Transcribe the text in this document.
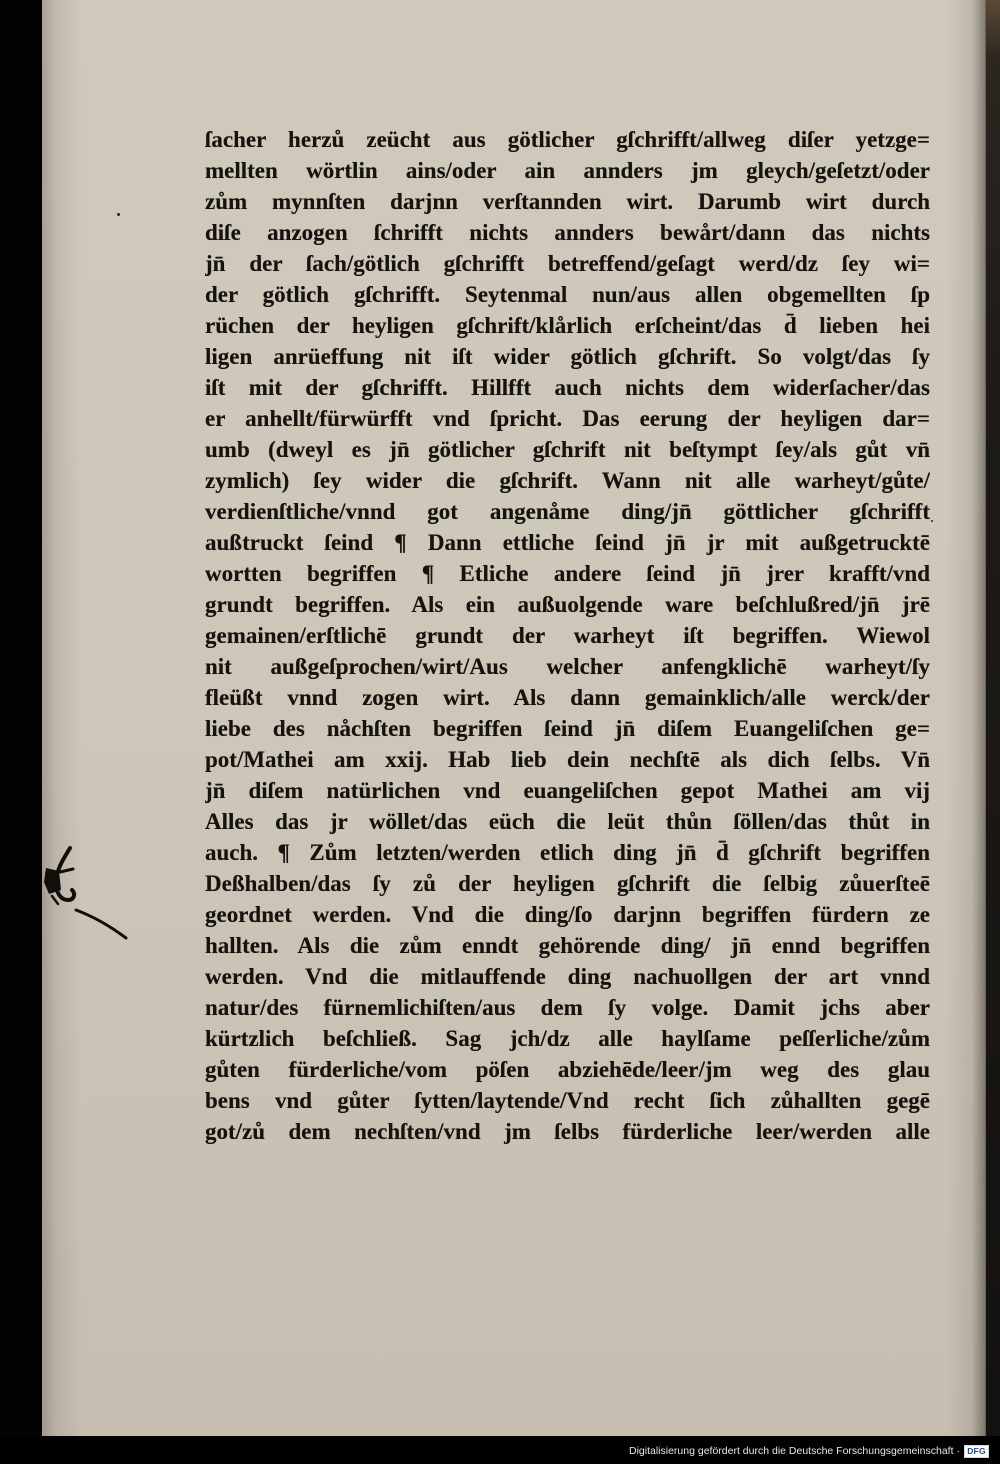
ſacher herzů zeücht aus götlicher gſchrifft/allweg diſer yetzge=
mellten wörtlin ains/oder ain annders jm gleych/geſetzt/oder
zům mynnſten darjnn verſtannden wirt. Darumb wirt durch
diſe anzogen ſchrifft nichts annders bewårt/dann das nichts
jn̄ der ſach/götlich gſchrifft betreffend/geſagt werd/dz ſey wi=
der götlich gſchrifft. Seytenmal nun/aus allen obgemellten ſp
rüchen der heyligen gſchrift/klårlich erſcheint/das d̄ lieben hei
ligen anrüeffung nit iſt wider götlich gſchrift. So volgt/das ſy
iſt mit der gſchrifft. Hillfft auch nichts dem widerſacher/das
er anhellt/fürwürfft vnd ſpricht. Das eerung der heyligen dar=
umb (dweyl es jn̄ götlicher gſchrift nit beſtympt ſey/als gůt vn̄
zymlich) ſey wider die gſchrift. Wann nit alle warheyt/gůte/
verdienſtliche/vnnd got angenåme ding/jn̄ göttlicher gſchrifft
außtruckt ſeind ¶ Dann ettliche ſeind jn̄ jr mit außgetrucktē
wortten begriffen ¶ Etliche andere ſeind jn̄ jrer krafft/vnd
grundt begriffen. Als ein außuolgende ware beſchlußred/jn̄ jrē
gemainen/erſtlichē grundt der warheyt iſt begriffen. Wiewol
nit außgeſprochen/wirt/Aus welcher anfengklichē warheyt/ſy
fleüßt vnnd zogen wirt. Als dann gemainklich/alle werck/der
liebe des nåchſten begriffen ſeind jn̄ diſem Euangeliſchen ge=
pot/Mathei am xxij. Hab lieb dein nechſtē als dich ſelbs. Vn̄
jn̄ diſem natürlichen vnd euangeliſchen gepot Mathei am vij
Alles das jr wöllet/das eüch die leüt thůn ſöllen/das thůt in
auch. ¶ Zům letzten/werden etlich ding jn̄ d̄ gſchrift begriffen
Deßhalben/das ſy zů der heyligen gſchrift die ſelbig zůuerſteē
geordnet werden. Vnd die ding/ſo darjnn begriffen fürdern ze
hallten. Als die zům enndt gehörende ding/ jn̄ ennd begriffen
werden. Vnd die mitlauffende ding nachuollgen der art vnnd
natur/des fürnemlichiſten/aus dem ſy volge. Damit jchs aber
kürtzlich beſchließ. Sag jch/dz alle haylſame peſſerliche/zům
gůten fürderliche/vom pöſen abziehēde/leer/jm weg des glau
bens vnd gůter ſytten/laytende/Vnd recht ſich zůhallten gegē
got/zů dem nechſten/vnd jm ſelbs fürderliche leer/werden alle
Digitalisierung gefördert durch die Deutsche Forschungsgemeinschaft · DFG
